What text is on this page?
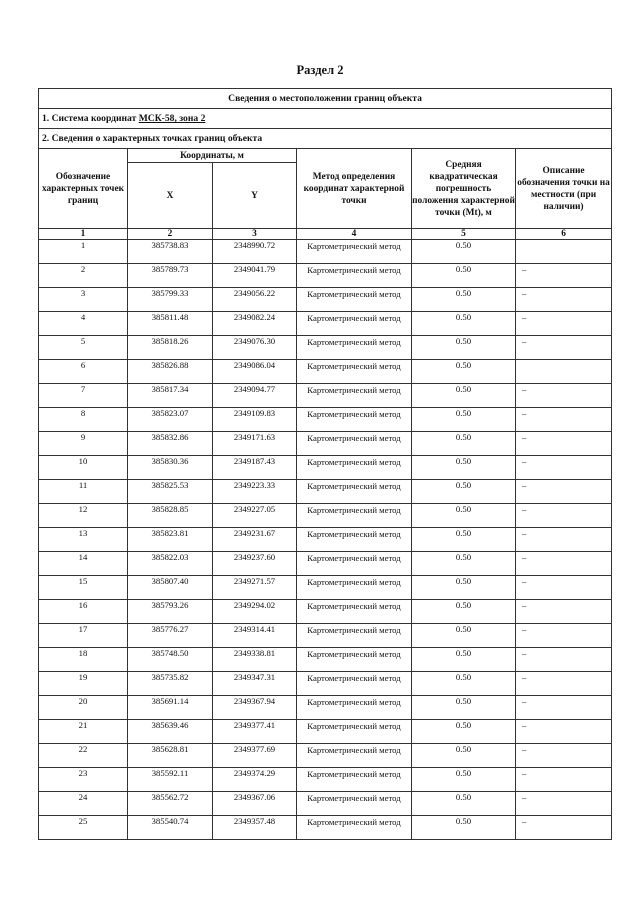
Раздел 2
Сведения о местоположении границ объекта					
1. Система координат МСК-58, зона 2					
2. Сведения о характерных точках границ объекта					
Обозначение характерных точек границ	Координаты, м		Метод определения координат характерной точки	Средняя квадратическая погрешность положения характерной точки (Mt), м	Описание обозначения точки на местности (при наличии)
	X	Y			
1	2	3	4	5	6
1	385738.83	2348990.72	Картометрический метод	0.50	
2	385789.73	2349041.79	Картометрический метод	0.50	–
3	385799.33	2349056.22	Картометрический метод	0.50	–
4	385811.48	2349082.24	Картометрический метод	0.50	–
5	385818.26	2349076.30	Картометрический метод	0.50	–
6	385826.88	2349086.04	Картометрический метод	0.50	
7	385817.34	2349094.77	Картометрический метод	0.50	–
8	385823.07	2349109.83	Картометрический метод	0.50	–
9	385832.86	2349171.63	Картометрический метод	0.50	–
10	385830.36	2349187.43	Картометрический метод	0.50	–
11	385825.53	2349223.33	Картометрический метод	0.50	–
12	385828.85	2349227.05	Картометрический метод	0.50	–
13	385823.81	2349231.67	Картометрический метод	0.50	–
14	385822.03	2349237.60	Картометрический метод	0.50	–
15	385807.40	2349271.57	Картометрический метод	0.50	–
16	385793.26	2349294.02	Картометрический метод	0.50	–
17	385776.27	2349314.41	Картометрический метод	0.50	–
18	385748.50	2349338.81	Картометрический метод	0.50	–
19	385735.82	2349347.31	Картометрический метод	0.50	–
20	385691.14	2349367.94	Картометрический метод	0.50	–
21	385639.46	2349377.41	Картометрический метод	0.50	–
22	385628.81	2349377.69	Картометрический метод	0.50	–
23	385592.11	2349374.29	Картометрический метод	0.50	–
24	385562.72	2349367.06	Картометрический метод	0.50	–
25	385540.74	2349357.48	Картометрический метод	0.50	–
